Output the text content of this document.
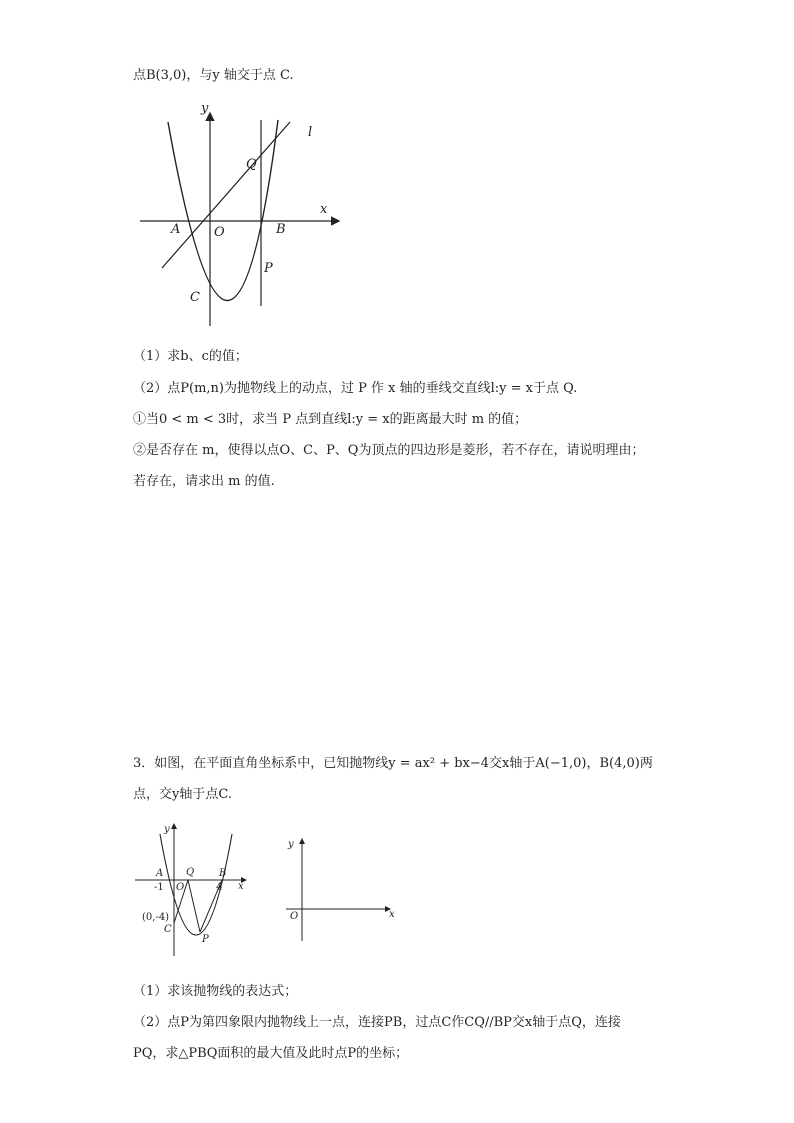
点B(3,0)，与y 轴交于点 C.
y
x
l
Q
A	O	B
P
C
（1）求b、c的值；
（2）点P(m,n)为抛物线上的动点，过 P 作 x 轴的垂线交直线l:y = x于点 Q.
①当0 < m < 3时，求当 P 点到直线l:y = x的距离最大时 m 的值；
②是否存在 m，使得以点O、C、P、Q为顶点的四边形是菱形，若不存在，请说明理由；
若存在，请求出 m 的值.
3．如图，在平面直角坐标系中，已知抛物线y = ax² + bx−4交x轴于A(−1,0)，B(4,0)两
点，交y轴于点C.
y
x
A Q B
-1 O	4
(0,-4)
C
P
y
x
O
（1）求该抛物线的表达式；
（2）点P为第四象限内抛物线上一点，连接PB，过点C作CQ//BP交x轴于点Q，连接
PQ，求△PBQ面积的最大值及此时点P的坐标；
